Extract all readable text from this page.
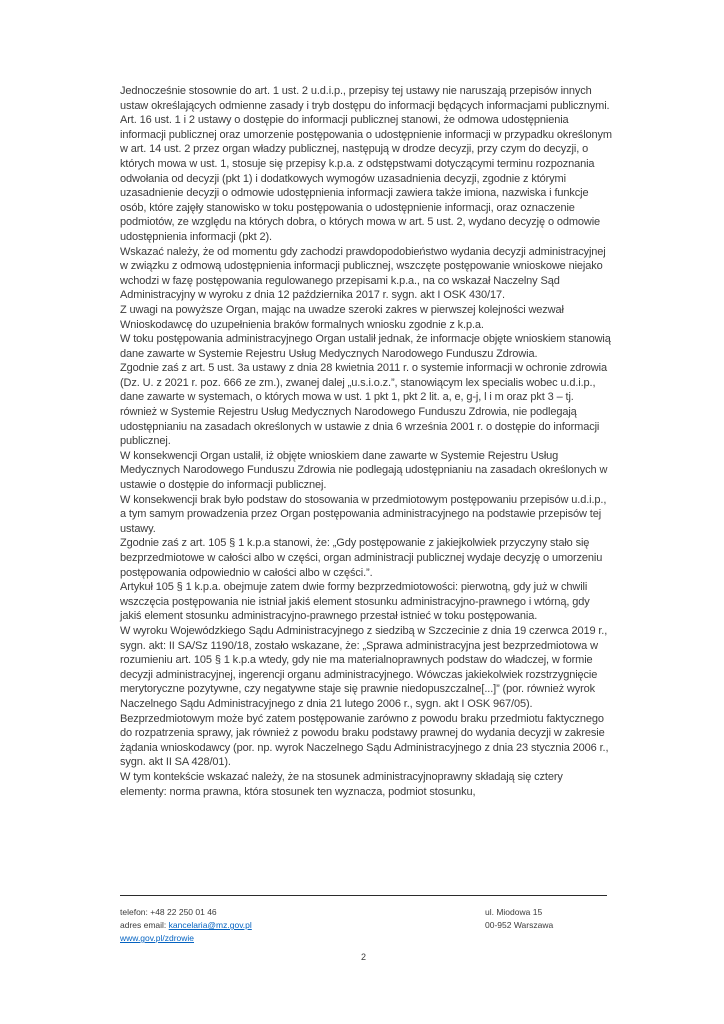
Jednocześnie stosownie do art. 1 ust. 2 u.d.i.p., przepisy tej ustawy nie naruszają przepisów innych ustaw określających odmienne zasady i tryb dostępu do informacji będących informacjami publicznymi.

Art. 16 ust. 1 i 2 ustawy o dostępie do informacji publicznej stanowi, że odmowa udostępnienia informacji publicznej oraz umorzenie postępowania o udostępnienie informacji w przypadku określonym w art. 14 ust. 2 przez organ władzy publicznej, następują w drodze decyzji, przy czym do decyzji, o których mowa w ust. 1, stosuje się przepisy k.p.a. z odstępstwami dotyczącymi terminu rozpoznania odwołania od decyzji (pkt 1) i dodatkowych wymogów uzasadnienia decyzji, zgodnie z którymi uzasadnienie decyzji o odmowie udostępnienia informacji zawiera także imiona, nazwiska i funkcje osób, które zajęły stanowisko w toku postępowania o udostępnienie informacji, oraz oznaczenie podmiotów, ze względu na których dobra, o których mowa w art. 5 ust. 2, wydano decyzję o odmowie udostępnienia informacji (pkt 2).

Wskazać należy, że od momentu gdy zachodzi prawdopodobieństwo wydania decyzji administracyjnej w związku z odmową udostępnienia informacji publicznej, wszczęte postępowanie wnioskowe niejako wchodzi w fazę postępowania regulowanego przepisami k.p.a., na co wskazał Naczelny Sąd Administracyjny w wyroku z dnia 12 października 2017 r. sygn. akt I OSK 430/17.

Z uwagi na powyższe Organ, mając na uwadze szeroki zakres w pierwszej kolejności wezwał Wnioskodawcę do uzupełnienia braków formalnych wniosku zgodnie z k.p.a.

W toku postępowania administracyjnego Organ ustalił jednak, że informacje objęte wnioskiem stanowią dane zawarte w Systemie Rejestru Usług Medycznych Narodowego Funduszu Zdrowia.

Zgodnie zaś z art. 5 ust. 3a ustawy z dnia 28 kwietnia 2011 r. o systemie informacji w ochronie zdrowia (Dz. U. z 2021 r. poz. 666 ze zm.), zwanej dalej „u.s.i.o.z.”, stanowiącym lex specialis wobec u.d.i.p., dane zawarte w systemach, o których mowa w ust. 1 pkt 1, pkt 2 lit. a, e, g-j, l i m oraz pkt 3 – tj. również w Systemie Rejestru Usług Medycznych Narodowego Funduszu Zdrowia, nie podlegają udostępnianiu na zasadach określonych w ustawie z dnia 6 września 2001 r. o dostępie do informacji publicznej.

W konsekwencji Organ ustalił, iż objęte wnioskiem dane zawarte w Systemie Rejestru Usług Medycznych Narodowego Funduszu Zdrowia nie podlegają udostępnianiu na zasadach określonych w ustawie o dostępie do informacji publicznej.

W konsekwencji brak było podstaw do stosowania w przedmiotowym postępowaniu przepisów u.d.i.p., a tym samym prowadzenia przez Organ postępowania administracyjnego na podstawie przepisów tej ustawy.

Zgodnie zaś z art. 105 § 1 k.p.a stanowi, że: „Gdy postępowanie z jakiejkolwiek przyczyny stało się bezprzedmiotowe w całości albo w części, organ administracji publicznej wydaje decyzję o umorzeniu postępowania odpowiednio w całości albo w części.”.

Artykuł 105 § 1 k.p.a. obejmuje zatem dwie formy bezprzedmiotowości: pierwotną, gdy już w chwili wszczęcia postępowania nie istniał jakiś element stosunku administracyjno-prawnego i wtórną, gdy jakiś element stosunku administracyjno-prawnego przestał istnieć w toku postępowania.

W wyroku Wojewódzkiego Sądu Administracyjnego z siedzibą w Szczecinie z dnia 19 czerwca 2019 r., sygn. akt: II SA/Sz 1190/18, zostało wskazane, że: „Sprawa administracyjna jest bezprzedmiotowa w rozumieniu art. 105 § 1 k.p.a wtedy, gdy nie ma materialnoprawnych podstaw do władczej, w formie decyzji administracyjnej, ingerencji organu administracyjnego. Wówczas jakiekolwiek rozstrzygnięcie merytoryczne pozytywne, czy negatywne staje się prawnie niedopuszczalne[...]” (por. również wyrok Naczelnego Sądu Administracyjnego z dnia 21 lutego 2006 r., sygn. akt I OSK 967/05).

Bezprzedmiotowym może być zatem postępowanie zarówno z powodu braku przedmiotu faktycznego do rozpatrzenia sprawy, jak również z powodu braku podstawy prawnej do wydania decyzji w zakresie żądania wnioskodawcy (por. np. wyrok Naczelnego Sądu Administracyjnego z dnia 23 stycznia 2006 r., sygn. akt II SA 428/01).

W tym kontekście wskazać należy, że na stosunek administracyjnoprawny składają się cztery elementy: norma prawna, która stosunek ten wyznacza, podmiot stosunku,

telefon: +48 22 250 01 46
adres email: kancelaria@mz.gov.pl
www.gov.pl/zdrowie
ul. Miodowa 15
00-952 Warszawa
2
